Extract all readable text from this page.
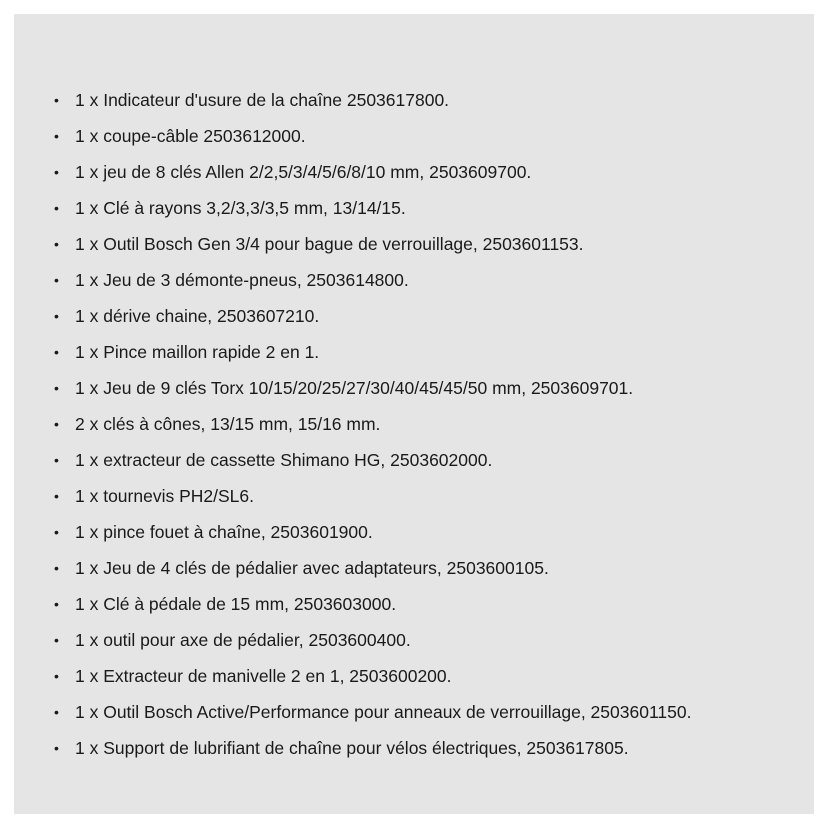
• 1 x Indicateur d'usure de la chaîne 2503617800.
• 1 x coupe-câble 2503612000.
• 1 x jeu de 8 clés Allen 2/2,5/3/4/5/6/8/10 mm, 2503609700.
• 1 x Clé à rayons 3,2/3,3/3,5 mm, 13/14/15.
• 1 x Outil Bosch Gen 3/4 pour bague de verrouillage, 2503601153.
• 1 x Jeu de 3 démonte-pneus, 2503614800.
• 1 x dérive chaine, 2503607210.
• 1 x Pince maillon rapide 2 en 1.
• 1 x Jeu de 9 clés Torx 10/15/20/25/27/30/40/45/45/50 mm, 2503609701.
• 2 x clés à cônes, 13/15 mm, 15/16 mm.
• 1 x extracteur de cassette Shimano HG, 2503602000.
• 1 x tournevis PH2/SL6.
• 1 x pince fouet à chaîne, 2503601900.
• 1 x Jeu de 4 clés de pédalier avec adaptateurs, 2503600105.
• 1 x Clé à pédale de 15 mm, 2503603000.
• 1 x outil pour axe de pédalier, 2503600400.
• 1 x Extracteur de manivelle 2 en 1, 2503600200.
• 1 x Outil Bosch Active/Performance pour anneaux de verrouillage, 2503601150.
• 1 x Support de lubrifiant de chaîne pour vélos électriques, 2503617805.
